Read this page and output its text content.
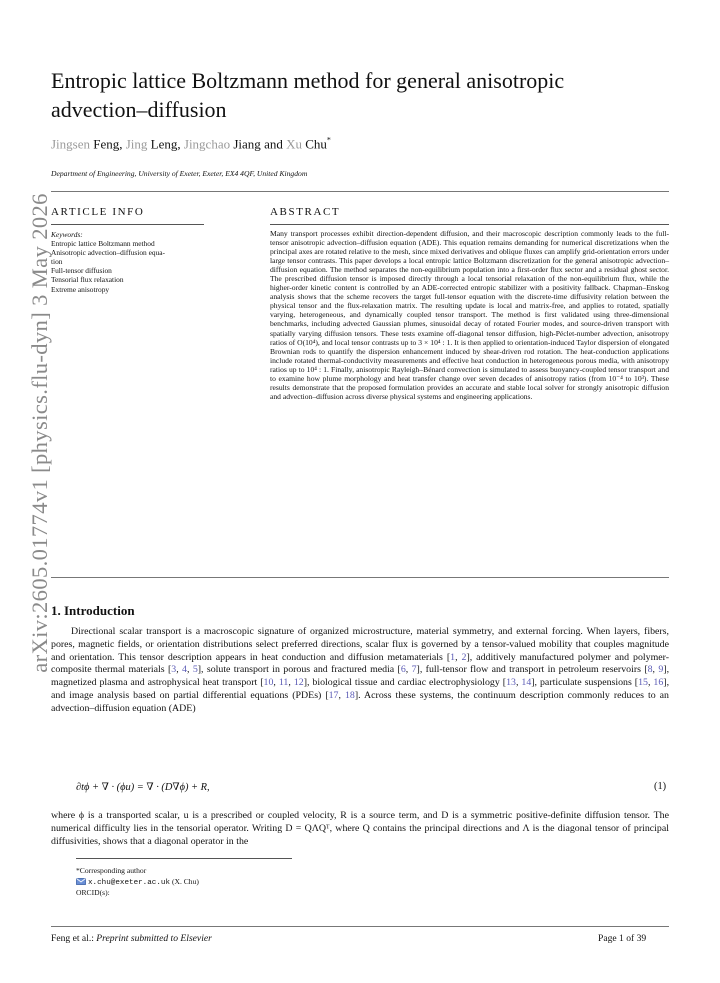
arXiv:2605.01774v1 [physics.flu-dyn] 3 May 2026
Entropic lattice Boltzmann method for general anisotropic advection–diffusion
Jingsen Feng, Jing Leng, Jingchao Jiang and Xu Chu*
Department of Engineering, University of Exeter, Exeter, EX4 4QF, United Kingdom
ARTICLE INFO
Keywords:
Entropic lattice Boltzmann method
Anisotropic advection–diffusion equa-
tion
Full-tensor diffusion
Tensorial flux relaxation
Extreme anisotropy
ABSTRACT
Many transport processes exhibit direction-dependent diffusion, and their macroscopic description commonly leads to the full-tensor anisotropic advection–diffusion equation (ADE). This equation remains demanding for numerical discretizations when the principal axes are rotated relative to the mesh, since mixed derivatives and oblique fluxes can amplify grid-orientation errors under large tensor contrasts. This paper develops a local entropic lattice Boltzmann discretization for the general anisotropic advection–diffusion equation. The method separates the non-equilibrium population into a first-order flux sector and a residual ghost sector. The prescribed diffusion tensor is imposed directly through a local tensorial relaxation of the non-equilibrium flux, while the higher-order kinetic content is controlled by an ADE-corrected entropic stabilizer with a positivity fallback. Chapman–Enskog analysis shows that the scheme recovers the target full-tensor equation with the discrete-time diffusivity relation between the physical tensor and the flux-relaxation matrix. The resulting update is local and matrix-free, and applies to rotated, spatially varying, heterogeneous, and dynamically coupled tensor transport. The method is first validated using three-dimensional benchmarks, including advected Gaussian plumes, sinusoidal decay of rotated Fourier modes, and source-driven transport with spatially varying diffusion tensors. These tests examine off-diagonal tensor diffusion, high-Péclet-number advection, anisotropy ratios of O(10⁴), and local tensor contrasts up to 3 × 10⁴ : 1. It is then applied to orientation-induced Taylor dispersion of elongated Brownian rods to quantify the dispersion enhancement induced by shear-driven rod rotation. The heat-conduction applications include rotated thermal-conductivity measurements and effective heat conduction in heterogeneous porous media, with anisotropy ratios up to 10⁴ : 1. Finally, anisotropic Rayleigh–Bénard convection is simulated to assess buoyancy-coupled tensor transport and to examine how plume morphology and heat transfer change over seven decades of anisotropy ratios (from 10⁻⁴ to 10³). These results demonstrate that the proposed formulation provides an accurate and stable local solver for strongly anisotropic diffusion and advection–diffusion across diverse physical systems and engineering applications.
1. Introduction
Directional scalar transport is a macroscopic signature of organized microstructure, material symmetry, and external forcing. When layers, fibers, pores, magnetic fields, or orientation distributions select preferred directions, scalar flux is governed by a tensor-valued mobility that couples magnitude and orientation. This tensor description appears in heat conduction and diffusion metamaterials [1, 2], additively manufactured polymer and polymer-composite thermal materials [3, 4, 5], solute transport in porous and fractured media [6, 7], full-tensor flow and transport in petroleum reservoirs [8, 9], magnetized plasma and astrophysical heat transport [10, 11, 12], biological tissue and cardiac electrophysiology [13, 14], particulate suspensions [15, 16], and image analysis based on partial differential equations (PDEs) [17, 18]. Across these systems, the continuum description commonly reduces to an advection–diffusion equation (ADE)
∂tϕ + ∇ · (ϕu) = ∇ · (D∇ϕ) + R,	(1)
where ϕ is a transported scalar, u is a prescribed or coupled velocity, R is a source term, and D is a symmetric positive-definite diffusion tensor. The numerical difficulty lies in the tensorial operator. Writing D = QΛQᵀ, where Q contains the principal directions and Λ is the diagonal tensor of principal diffusivities, shows that a diagonal operator in the
*Corresponding author
x.chu@exeter.ac.uk (X. Chu)
ORCID(s):
Feng et al.: Preprint submitted to Elsevier	Page 1 of 39
